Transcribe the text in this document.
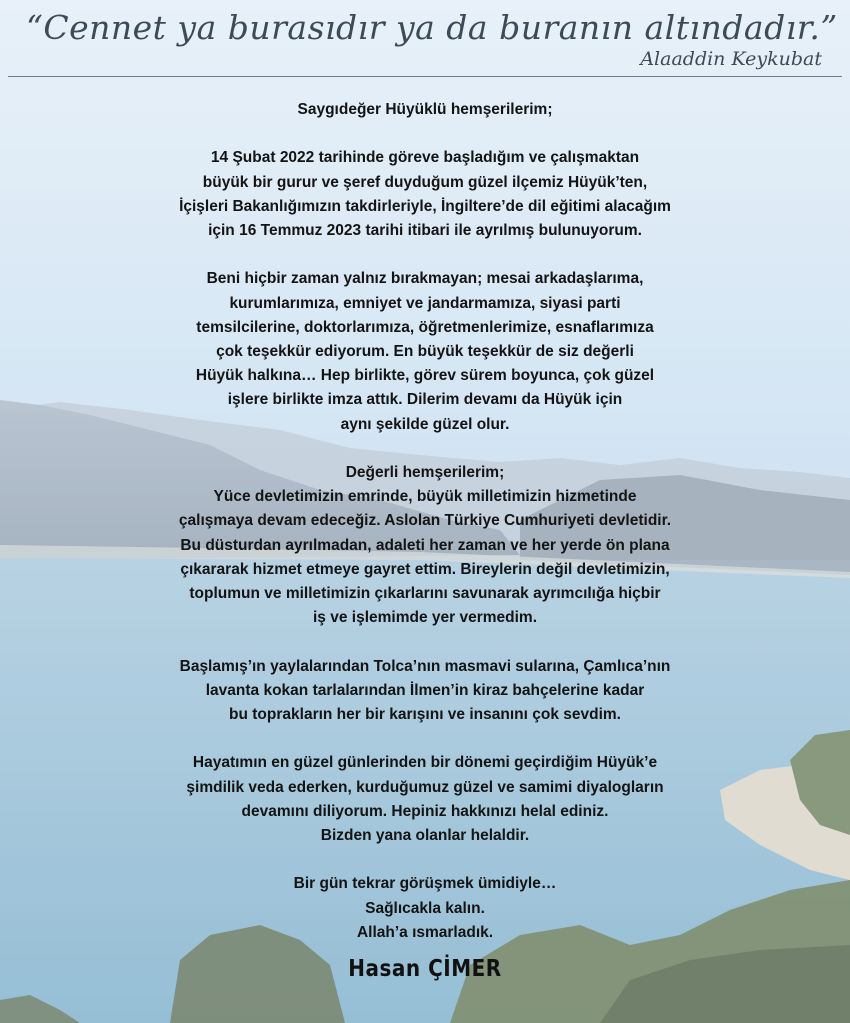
“Cennet ya burasıdır ya da buranın altındadır.”
Alaaddin Keykubat

Saygıdeğer Hüyüklü hemşerilerim;

14 Şubat 2022 tarihinde göreve başladığım ve çalışmaktan
büyük bir gurur ve şeref duyduğum güzel ilçemiz Hüyük’ten,
İçişleri Bakanlığımızın takdirleriyle, İngiltere’de dil eğitimi alacağım
için 16 Temmuz 2023 tarihi itibari ile ayrılmış bulunuyorum.

Beni hiçbir zaman yalnız bırakmayan; mesai arkadaşlarıma,
kurumlarımıza, emniyet ve jandarmamıza, siyasi parti
temsilcilerine, doktorlarımıza, öğretmenlerimize, esnaflarımıza
çok teşekkür ediyorum. En büyük teşekkür de siz değerli
Hüyük halkına… Hep birlikte, görev sürem boyunca, çok güzel
işlere birlikte imza attık. Dilerim devamı da Hüyük için
aynı şekilde güzel olur.

Değerli hemşerilerim;
Yüce devletimizin emrinde, büyük milletimizin hizmetinde
çalışmaya devam edeceğiz. Aslolan Türkiye Cumhuriyeti devletidir.
Bu düsturdan ayrılmadan, adaleti her zaman ve her yerde ön plana
çıkararak hizmet etmeye gayret ettim. Bireylerin değil devletimizin,
toplumun ve milletimizin çıkarlarını savunarak ayrımcılığa hiçbir
iş ve işlemimde yer vermedim.

Başlamış’ın yaylalarından Tolca’nın masmavi sularına, Çamlıca’nın
lavanta kokan tarlalarından İlmen’in kiraz bahçelerine kadar
bu toprakların her bir karışını ve insanını çok sevdim.

Hayatımın en güzel günlerinden bir dönemi geçirdiğim Hüyük’e
şimdilik veda ederken, kurduğumuz güzel ve samimi diyalogların
devamını diliyorum. Hepiniz hakkınızı helal ediniz.
Bizden yana olanlar helaldir.

Bir gün tekrar görüşmek ümidiyle…
Sağlıcakla kalın.
Allah’a ısmarladık.

Hasan ÇİMER
